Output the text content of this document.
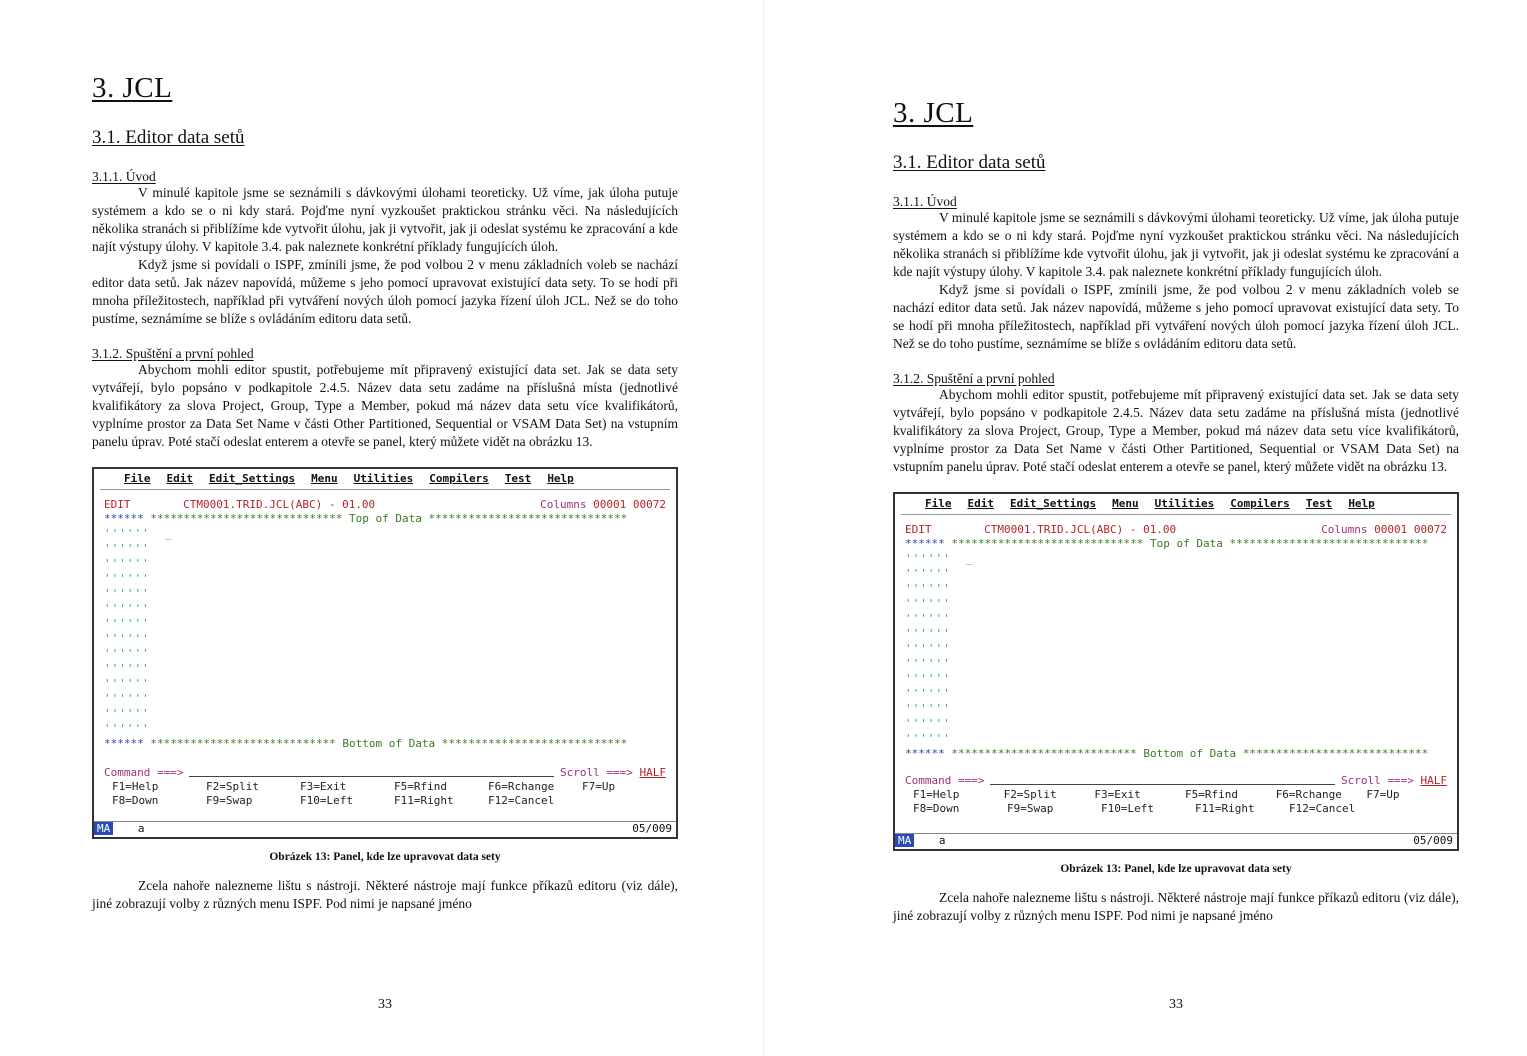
3. JCL
3.1. Editor data setů
3.1.1. Úvod

V minulé kapitole jsme se seznámili s dávkovými úlohami teoreticky. Už víme, jak úloha putuje systémem a kdo se o ni kdy stará. Pojďme nyní vyzkoušet praktickou stránku věci. Na následujících několika stranách si přiblížíme kde vytvořit úlohu, jak ji vytvořit, jak ji odeslat systému ke zpracování a kde najít výstupy úlohy. V kapitole 3.4. pak naleznete konkrétní příklady fungujících úloh.

Když jsme si povídali o ISPF, zmínili jsme, že pod volbou 2 v menu základních voleb se nachází editor data setů. Jak název napovídá, můžeme s jeho pomocí upravovat existující data sety. To se hodí při mnoha příležitostech, například při vytváření nových úloh pomocí jazyka řízení úloh JCL. Než se do toho pustíme, seznámíme se blíže s ovládáním editoru data setů.

3.1.2. Spuštění a první pohled

Abychom mohli editor spustit, potřebujeme mít připravený existující data set. Jak se data sety vytvářejí, bylo popsáno v podkapitole 2.4.5. Název data setu zadáme na příslušná místa (jednotlivé kvalifikátory za slova Project, Group, Type a Member, pokud má název data setu více kvalifikátorů, vyplníme prostor za Data Set Name v části Other Partitioned, Sequential or VSAM Data Set) na vstupním panelu úprav. Poté stačí odeslat enterem a otevře se panel, který můžete vidět na obrázku 13.

File Edit Edit_Settings Menu Utilities Compilers Test Help
EDIT	CTM0001.TRID.JCL(ABC) - 01.00	Columns 00001 00072
****** ***************************** Top of Data ******************************
''''''  _
''''''
''''''
''''''
''''''
''''''
''''''
''''''
''''''
''''''
''''''
''''''
''''''
''''''
****** **************************** Bottom of Data ****************************
Command ===>	Scroll ===> HALF
F1=Help	F2=Split	F3=Exit	F5=Rfind	F6=Rchange	F7=Up
F8=Down	F9=Swap	F10=Left	F11=Right	F12=Cancel
MA	a	05/009
Obrázek 13: Panel, kde lze upravovat data sety

Zcela nahoře nalezneme lištu s nástroji. Některé nástroje mají funkce příkazů editoru (viz dále), jiné zobrazují volby z různých menu ISPF. Pod nimi je napsané jméno

33
3. JCL
3.1. Editor data setů
3.1.1. Úvod

V minulé kapitole jsme se seznámili s dávkovými úlohami teoreticky. Už víme, jak úloha putuje systémem a kdo se o ni kdy stará. Pojďme nyní vyzkoušet praktickou stránku věci. Na následujících několika stranách si přiblížíme kde vytvořit úlohu, jak ji vytvořit, jak ji odeslat systému ke zpracování a kde najít výstupy úlohy. V kapitole 3.4. pak naleznete konkrétní příklady fungujících úloh.

Když jsme si povídali o ISPF, zmínili jsme, že pod volbou 2 v menu základních voleb se nachází editor data setů. Jak název napovídá, můžeme s jeho pomocí upravovat existující data sety. To se hodí při mnoha příležitostech, například při vytváření nových úloh pomocí jazyka řízení úloh JCL. Než se do toho pustíme, seznámíme se blíže s ovládáním editoru data setů.

3.1.2. Spuštění a první pohled

Abychom mohli editor spustit, potřebujeme mít připravený existující data set. Jak se data sety vytvářejí, bylo popsáno v podkapitole 2.4.5. Název data setu zadáme na příslušná místa (jednotlivé kvalifikátory za slova Project, Group, Type a Member, pokud má název data setu více kvalifikátorů, vyplníme prostor za Data Set Name v části Other Partitioned, Sequential or VSAM Data Set) na vstupním panelu úprav. Poté stačí odeslat enterem a otevře se panel, který můžete vidět na obrázku 13.

File Edit Edit_Settings Menu Utilities Compilers Test Help
EDIT	CTM0001.TRID.JCL(ABC) - 01.00	Columns 00001 00072
****** ***************************** Top of Data ******************************
''''''  _
''''''
''''''
''''''
''''''
''''''
''''''
''''''
''''''
''''''
''''''
''''''
''''''
****** **************************** Bottom of Data ****************************
Command ===>	Scroll ===> HALF
F1=Help	F2=Split	F3=Exit	F5=Rfind	F6=Rchange	F7=Up
F8=Down	F9=Swap	F10=Left	F11=Right	F12=Cancel
MA	a	05/009
Obrázek 13: Panel, kde lze upravovat data sety

Zcela nahoře nalezneme lištu s nástroji. Některé nástroje mají funkce příkazů editoru (viz dále), jiné zobrazují volby z různých menu ISPF. Pod nimi je napsané jméno

33
